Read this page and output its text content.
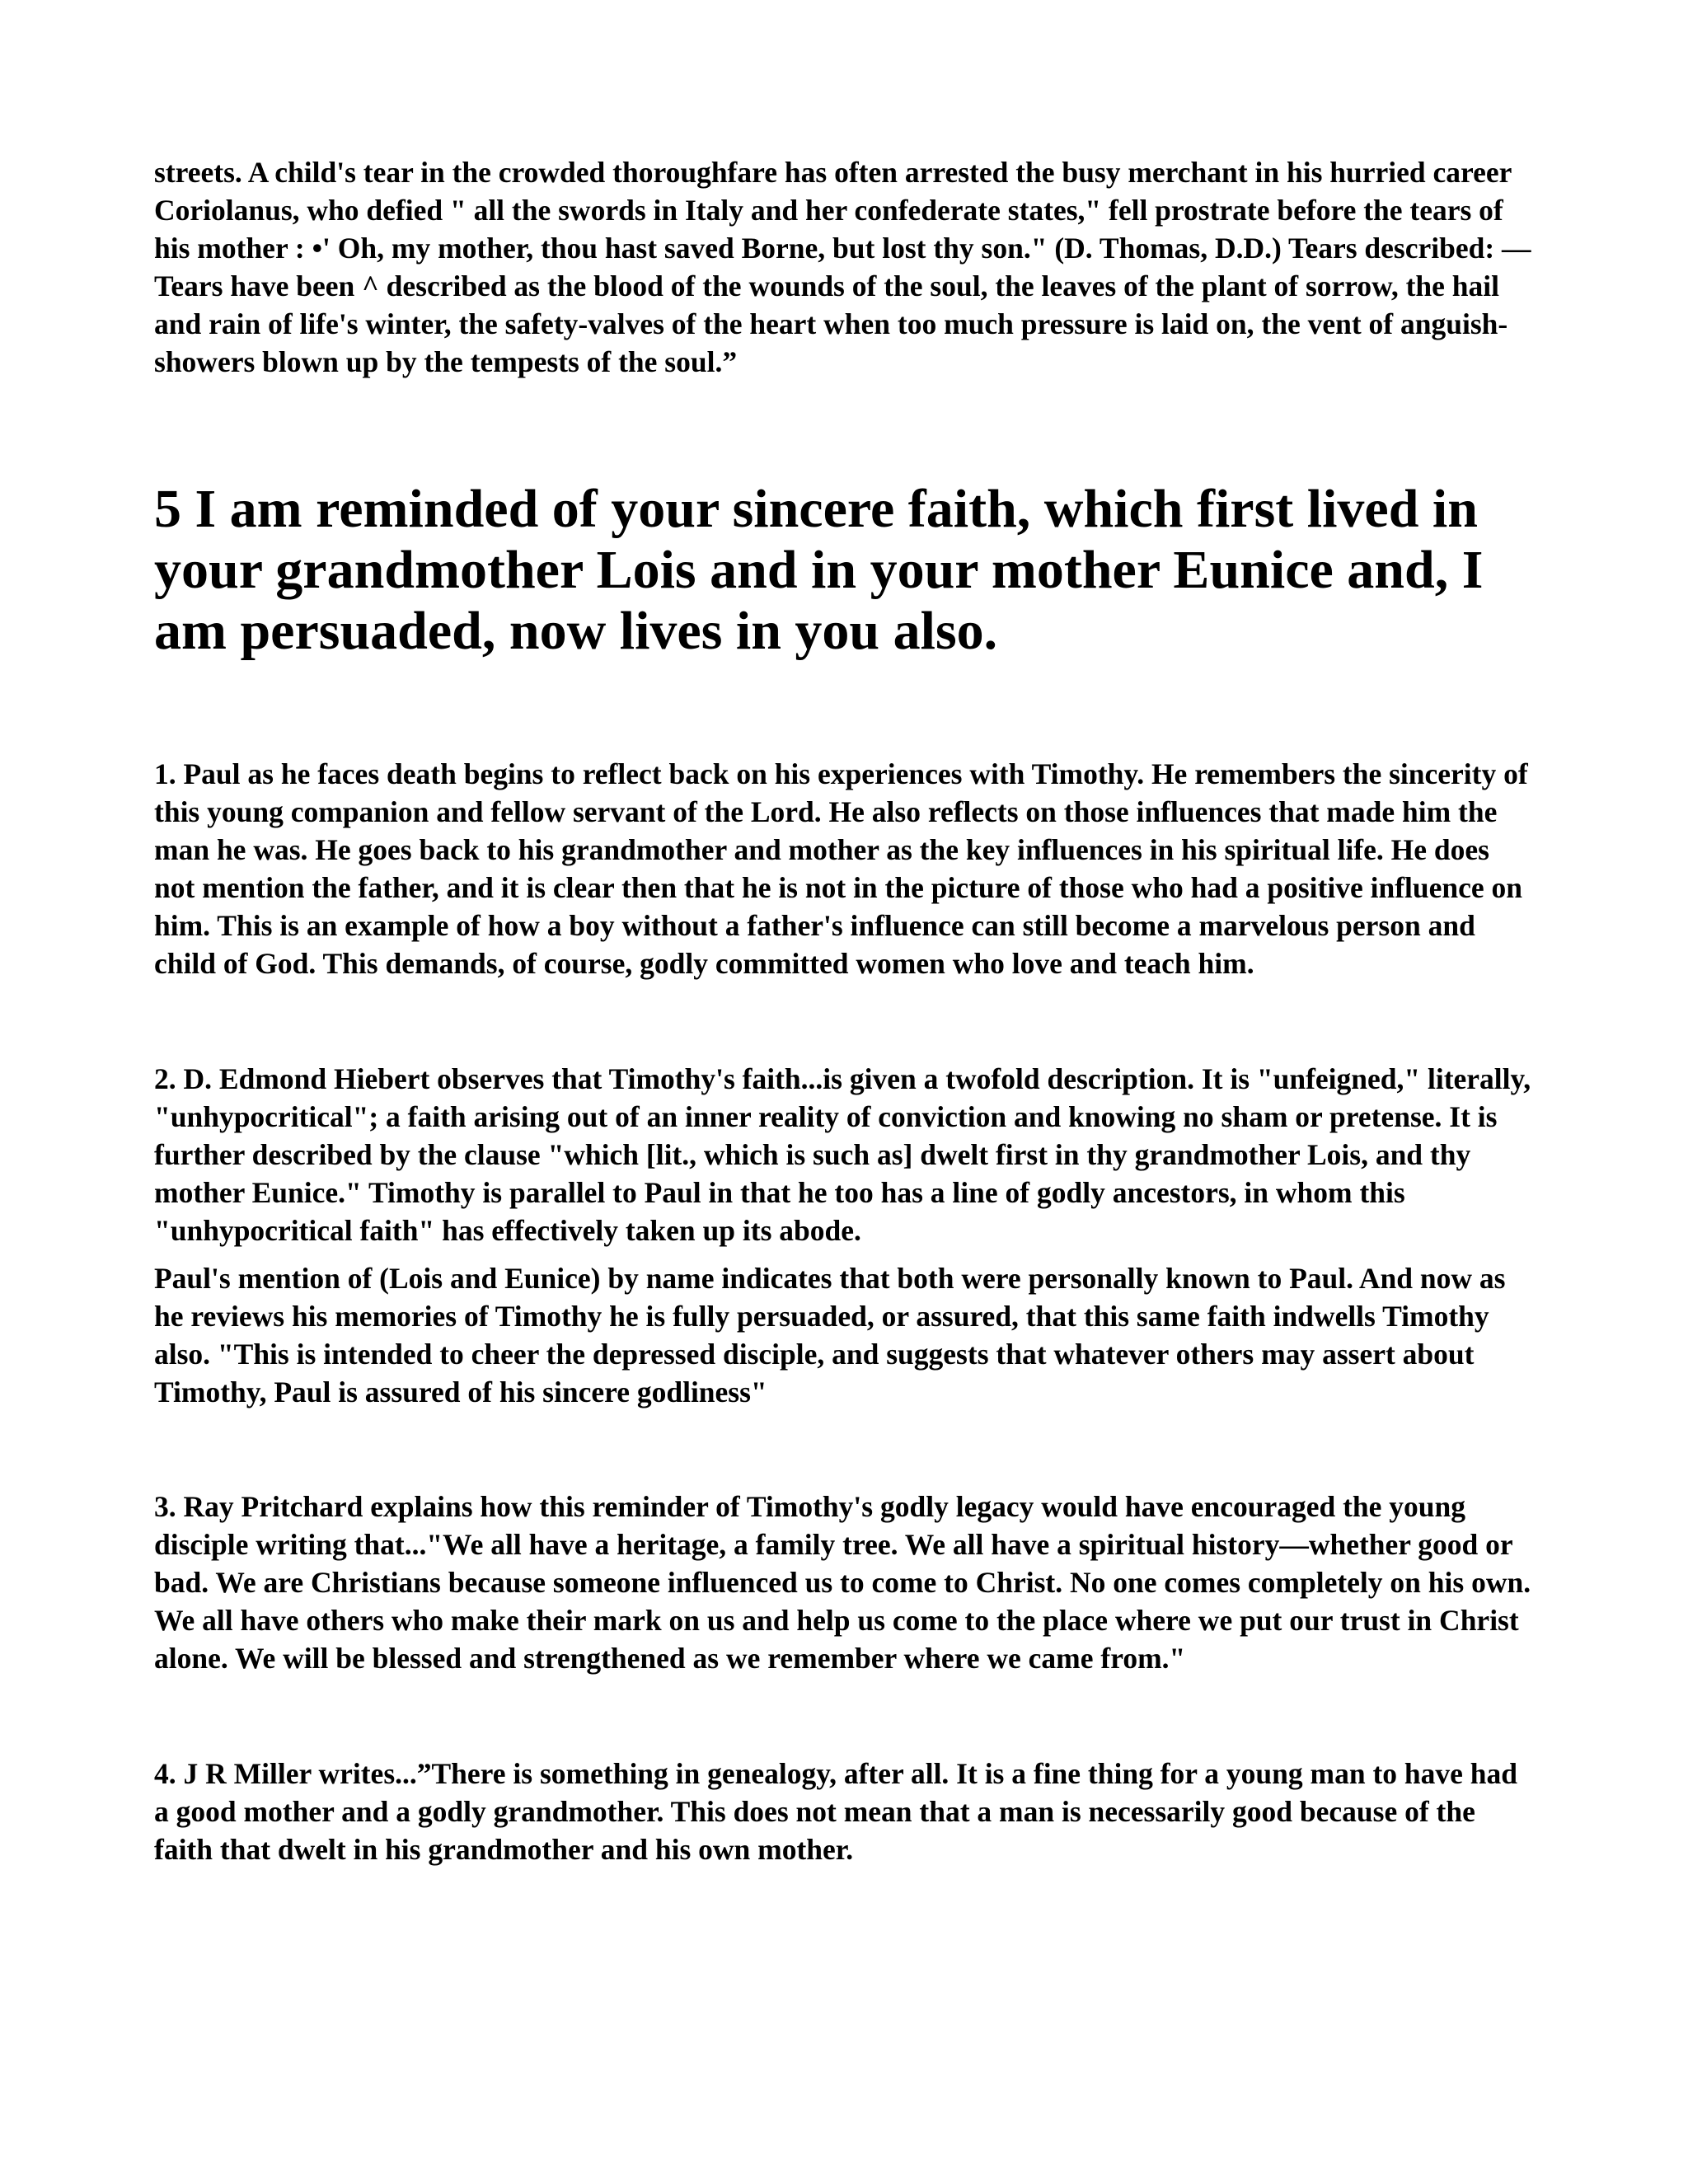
streets. A child's tear in the crowded thoroughfare has often arrested the busy merchant in his hurried career Coriolanus, who defied " all the swords in Italy and her confederate states," fell prostrate before the tears of his mother : •' Oh, my mother, thou hast saved Borne, but lost thy son." (D. Thomas, D.D.) Tears described: — Tears have been ^ described as the blood of the wounds of the soul, the leaves of the plant of sorrow, the hail and rain of life's winter, the safety-valves of the heart when too much pressure is laid on, the vent of anguish-showers blown up by the tempests of the soul.”

5 I am reminded of your sincere faith, which first lived in your grandmother Lois and in your mother Eunice and, I am persuaded, now lives in you also.

1. Paul as he faces death begins to reflect back on his experiences with Timothy. He remembers the sincerity of this young companion and fellow servant of the Lord. He also reflects on those influences that made him the man he was. He goes back to his grandmother and mother as the key influences in his spiritual life. He does not mention the father, and it is clear then that he is not in the picture of those who had a positive influence on him. This is an example of how a boy without a father's influence can still become a marvelous person and child of God. This demands, of course, godly committed women who love and teach him.

2. D. Edmond Hiebert observes that Timothy's faith...is given a twofold description. It is "unfeigned," literally, "unhypocritical"; a faith arising out of an inner reality of conviction and knowing no sham or pretense. It is further described by the clause "which [lit., which is such as] dwelt first in thy grandmother Lois, and thy mother Eunice." Timothy is parallel to Paul in that he too has a line of godly ancestors, in whom this "unhypocritical faith" has effectively taken up its abode.

Paul's mention of (Lois and Eunice) by name indicates that both were personally known to Paul. And now as he reviews his memories of Timothy he is fully persuaded, or assured, that this same faith indwells Timothy also. "This is intended to cheer the depressed disciple, and suggests that whatever others may assert about Timothy, Paul is assured of his sincere godliness"

3. Ray Pritchard explains how this reminder of Timothy's godly legacy would have encouraged the young disciple writing that..."We all have a heritage, a family tree. We all have a spiritual history—whether good or bad. We are Christians because someone influenced us to come to Christ. No one comes completely on his own. We all have others who make their mark on us and help us come to the place where we put our trust in Christ alone. We will be blessed and strengthened as we remember where we came from."

4. J R Miller writes...”There is something in genealogy, after all. It is a fine thing for a young man to have had a good mother and a godly grandmother. This does not mean that a man is necessarily good because of the faith that dwelt in his grandmother and his own mother.
